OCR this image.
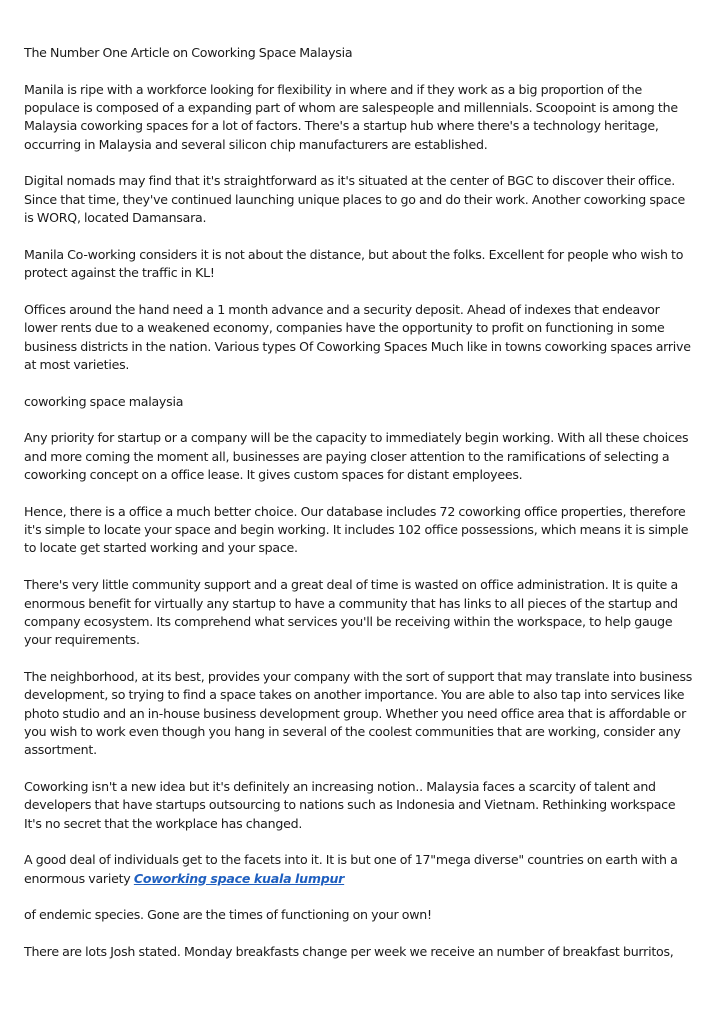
The Number One Article on Coworking Space Malaysia

Manila is ripe with a workforce looking for flexibility in where and if they work as a big proportion of the populace is composed of a expanding part of whom are salespeople and millennials. Scoopoint is among the Malaysia coworking spaces for a lot of factors. There's a startup hub where there's a technology heritage, occurring in Malaysia and several silicon chip manufacturers are established.

Digital nomads may find that it's straightforward as it's situated at the center of BGC to discover their office. Since that time, they've continued launching unique places to go and do their work. Another coworking space is WORQ, located Damansara.

Manila Co-working considers it is not about the distance, but about the folks. Excellent for people who wish to protect against the traffic in KL!

Offices around the hand need a 1 month advance and a security deposit. Ahead of indexes that endeavor lower rents due to a weakened economy, companies have the opportunity to profit on functioning in some business districts in the nation. Various types Of Coworking Spaces Much like in towns coworking spaces arrive at most varieties.

coworking space malaysia

Any priority for startup or a company will be the capacity to immediately begin working. With all these choices and more coming the moment all, businesses are paying closer attention to the ramifications of selecting a coworking concept on a office lease. It gives custom spaces for distant employees.

Hence, there is a office a much better choice. Our database includes 72 coworking office properties, therefore it's simple to locate your space and begin working. It includes 102 office possessions, which means it is simple to locate get started working and your space.

There's very little community support and a great deal of time is wasted on office administration. It is quite a enormous benefit for virtually any startup to have a community that has links to all pieces of the startup and company ecosystem. Its comprehend what services you'll be receiving within the workspace, to help gauge your requirements.

The neighborhood, at its best, provides your company with the sort of support that may translate into business development, so trying to find a space takes on another importance. You are able to also tap into services like photo studio and an in-house business development group. Whether you need office area that is affordable or you wish to work even though you hang in several of the coolest communities that are working, consider any assortment.

Coworking isn't a new idea but it's definitely an increasing notion.. Malaysia faces a scarcity of talent and developers that have startups outsourcing to nations such as Indonesia and Vietnam. Rethinking workspace It's no secret that the workplace has changed.

A good deal of individuals get to the facets into it. It is but one of 17"mega diverse" countries on earth with a enormous variety Coworking space kuala lumpur

of endemic species. Gone are the times of functioning on your own!

There are lots Josh stated. Monday breakfasts change per week we receive an number of breakfast burritos,
